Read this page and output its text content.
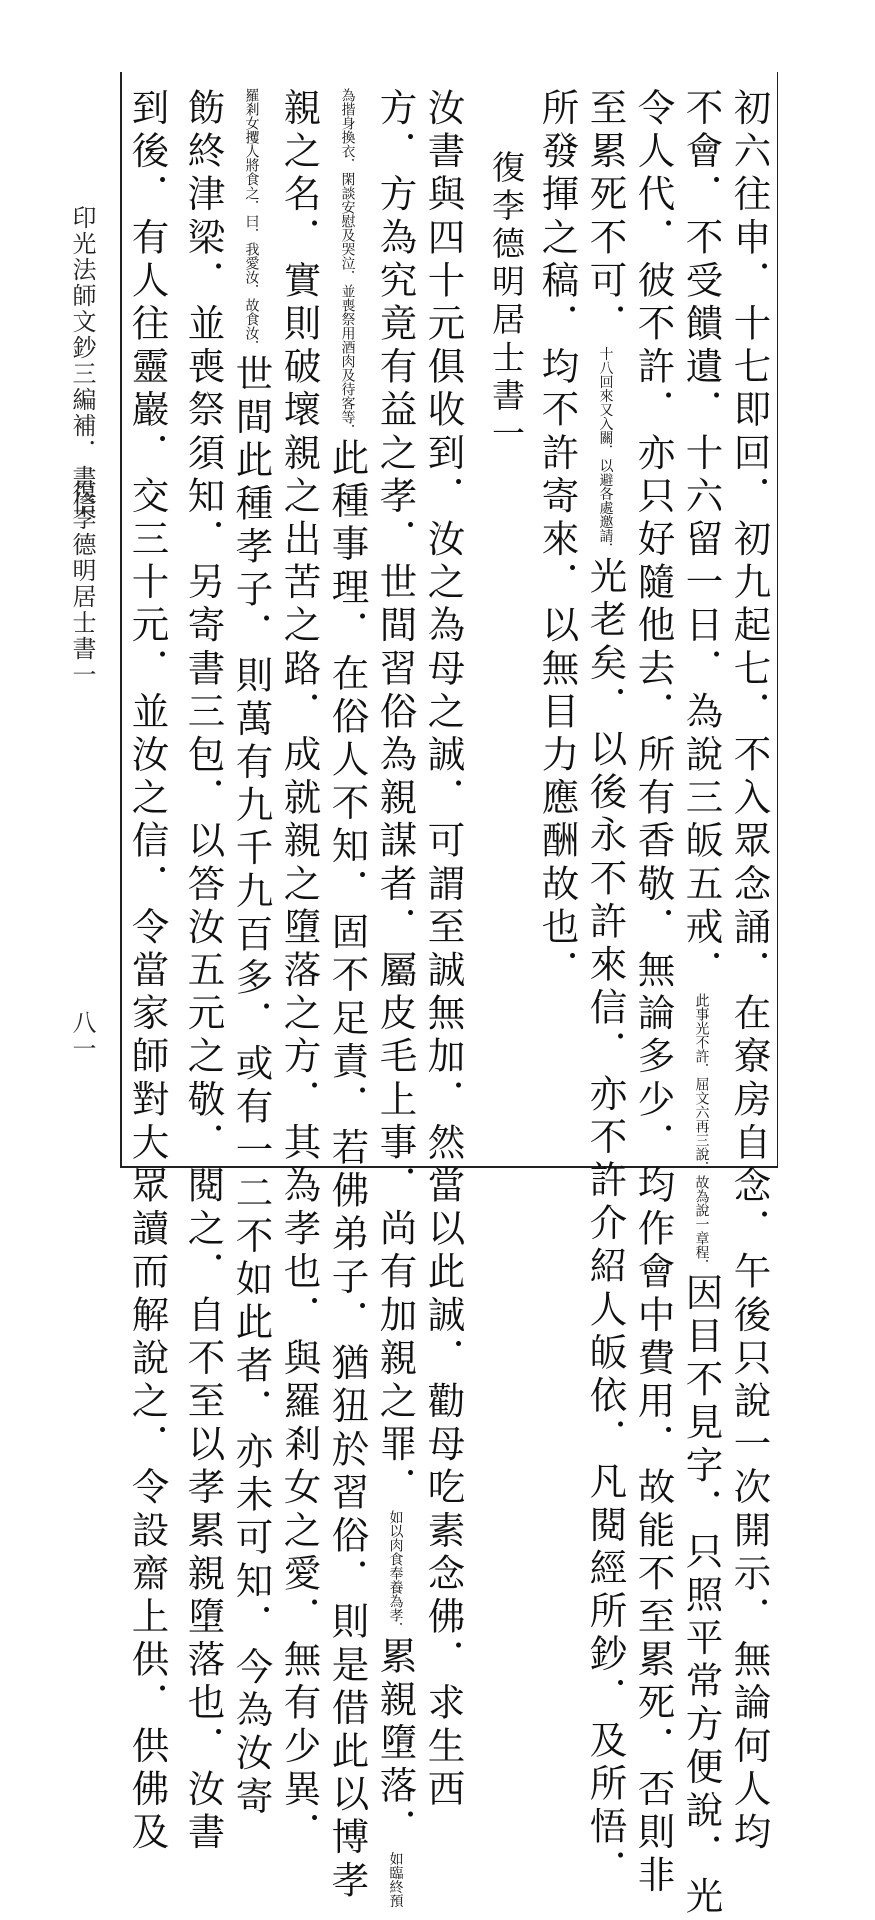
印光法師文鈔三編補．書信
復李德明居士書一
八一	初六往申．十七即回．初九起七．不入眾念誦．在寮房自念．午後只說一次開示．無論何人均
不會．不受饋遺．十六留一日．為說三皈五戒．此事光不許．屈文六再三說．故為說一章程．因目不見字．只照平常方便說．光
令人代．彼不許．亦只好隨他去．所有香敬．無論多少．均作會中費用．故能不至累死．否則非
至累死不可．十八回來又入關．以避各處邀請．光老矣．以後永不許來信．亦不許介紹人皈依．凡閱經所鈔．及所悟．
所發揮之稿．均不許寄來．以無目力應酬故也．
復李德明居士書一
汝書與四十元俱收到．汝之為母之誠．可謂至誠無加．然當以此誠．勸母吃素念佛．求生西
方．方為究竟有益之孝．世間習俗為親謀者．屬皮毛上事．尚有加親之罪．如以肉食奉養為孝．累親墮落．如臨終預
為揩身換衣．閑談安慰及哭泣．並喪祭用酒肉及待客等．此種事理．在俗人不知．固不足責．若佛弟子．猶狃於習俗．則是借此以博孝
親之名．實則破壞親之出苦之路．成就親之墮落之方．其為孝也．與羅剎女之愛．無有少異．
羅剎女攫人將食之．曰．我愛汝．故食汝．世間此種孝子．則萬有九千九百多．或有一二不如此者．亦未可知．今為汝寄
飭終津梁．並喪祭須知．另寄書三包．以答汝五元之敬．閱之．自不至以孝累親墮落也．汝書
到後．有人往靈巖．交三十元．並汝之信．令當家師對大眾讀而解說之．令設齋上供．供佛及
